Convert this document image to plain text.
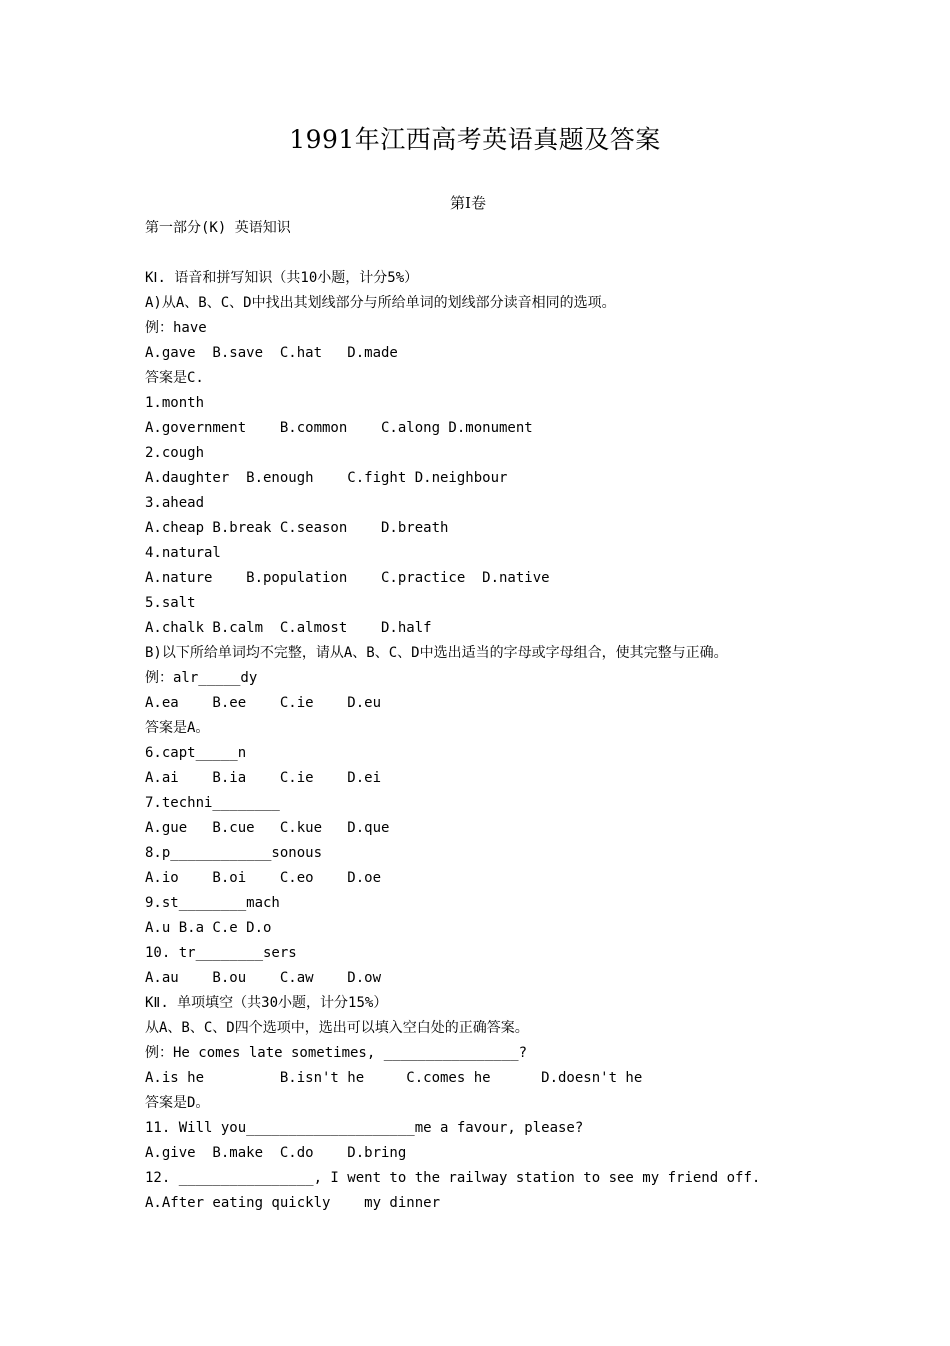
1991年江西高考英语真题及答案
第Ⅰ卷
第一部分(K) 英语知识
KⅠ. 语音和拼写知识（共10小题，计分5%）
A)从A、B、C、D中找出其划线部分与所给单词的划线部分读音相同的选项。
例：have
A.gave  B.save  C.hat   D.made
答案是C.
1.month
A.government    B.common    C.along D.monument
2.cough
A.daughter  B.enough    C.fight D.neighbour
3.ahead
A.cheap B.break C.season    D.breath
4.natural
A.nature    B.population    C.practice  D.native
5.salt
A.chalk B.calm  C.almost    D.half
B)以下所给单词均不完整，请从A、B、C、D中选出适当的字母或字母组合，使其完整与正确。
例：alr_____dy
A.ea    B.ee    C.ie    D.eu
答案是A。
6.capt_____n
A.ai    B.ia    C.ie    D.ei
7.techni________
A.gue   B.cue   C.kue   D.que
8.p____________sonous
A.io    B.oi    C.eo    D.oe
9.st________mach
A.u B.a C.e D.o
10. tr________sers
A.au    B.ou    C.aw    D.ow
KⅡ. 单项填空（共30小题，计分15%）
从A、B、C、D四个选项中，选出可以填入空白处的正确答案。
例：He comes late sometimes, ________________?
A.is he         B.isn't he     C.comes he      D.doesn't he
答案是D。
11. Will you____________________me a favour, please?
A.give  B.make  C.do    D.bring
12. ________________, I went to the railway station to see my friend off.
A.After eating quickly    my dinner
